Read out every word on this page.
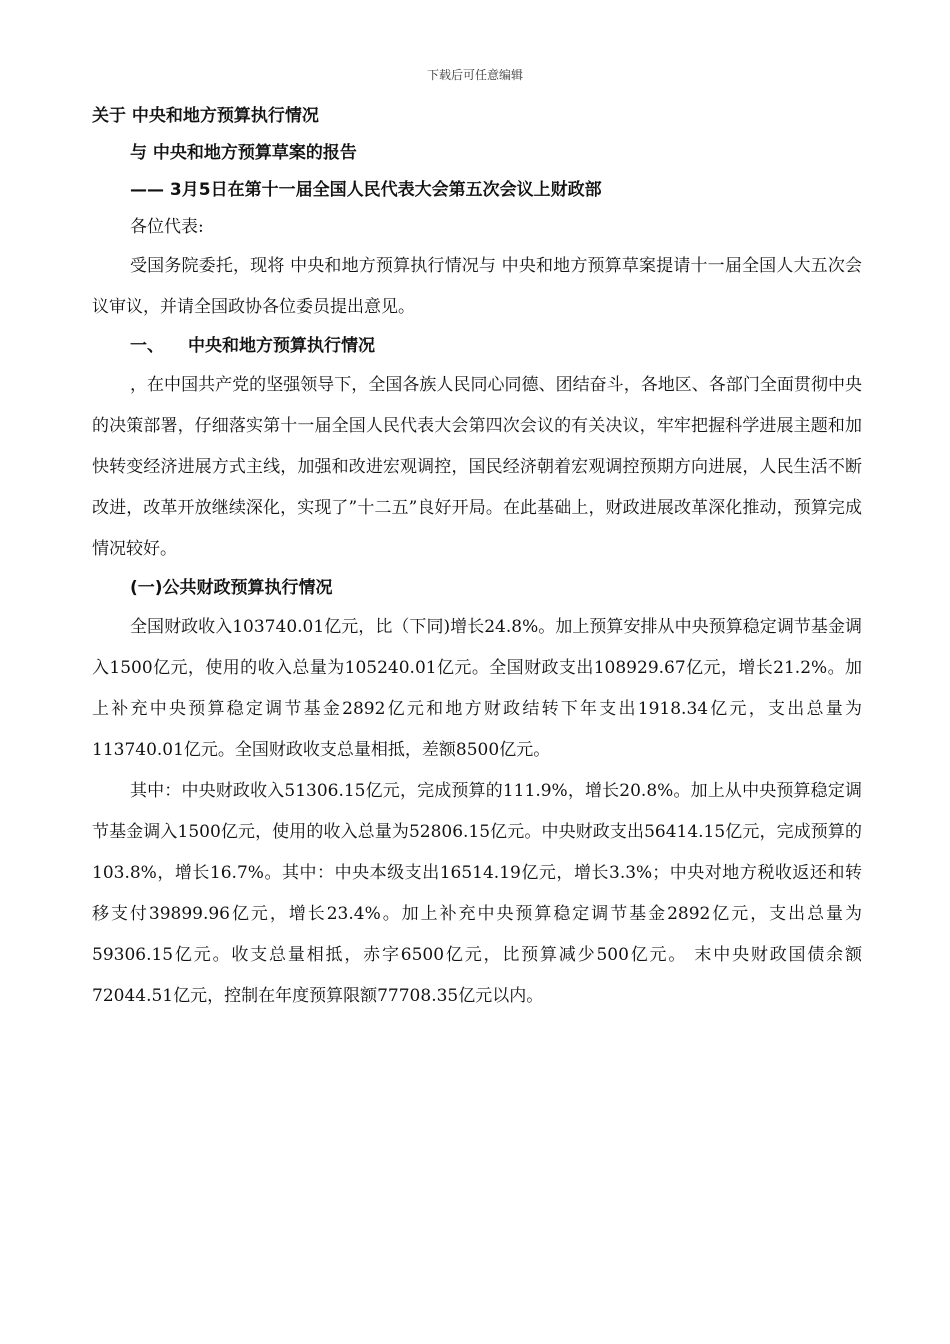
下载后可任意编辑
关于 中央和地方预算执行情况
与 中央和地方预算草案的报告
—— 3月5日在第十一届全国人民代表大会第五次会议上财政部
各位代表:

受国务院委托，现将 中央和地方预算执行情况与 中央和地方预算草案提请十一届全国人大五次会议审议，并请全国政协各位委员提出意见。

一、 中央和地方预算执行情况

，在中国共产党的坚强领导下，全国各族人民同心同德、团结奋斗，各地区、各部门全面贯彻中央的决策部署，仔细落实第十一届全国人民代表大会第四次会议的有关决议，牢牢把握科学进展主题和加快转变经济进展方式主线，加强和改进宏观调控，国民经济朝着宏观调控预期方向进展，人民生活不断改进，改革开放继续深化，实现了”十二五”良好开局。在此基础上，财政进展改革深化推动，预算完成情况较好。

(一)公共财政预算执行情况

全国财政收入103740.01亿元，比（下同)增长24.8%。加上预算安排从中央预算稳定调节基金调入1500亿元，使用的收入总量为105240.01亿元。全国财政支出108929.67亿元，增长21.2%。加上补充中央预算稳定调节基金2892亿元和地方财政结转下年支出1918.34亿元，支出总量为113740.01亿元。全国财政收支总量相抵，差额8500亿元。

其中：中央财政收入51306.15亿元，完成预算的111.9%，增长20.8%。加上从中央预算稳定调节基金调入1500亿元，使用的收入总量为52806.15亿元。中央财政支出56414.15亿元，完成预算的103.8%，增长16.7%。其中：中央本级支出16514.19亿元，增长3.3%；中央对地方税收返还和转移支付39899.96亿元，增长23.4%。加上补充中央预算稳定调节基金2892亿元，支出总量为59306.15亿元。收支总量相抵，赤字6500亿元，比预算减少500亿元。 末中央财政国债余额72044.51亿元，控制在年度预算限额77708.35亿元以内。
